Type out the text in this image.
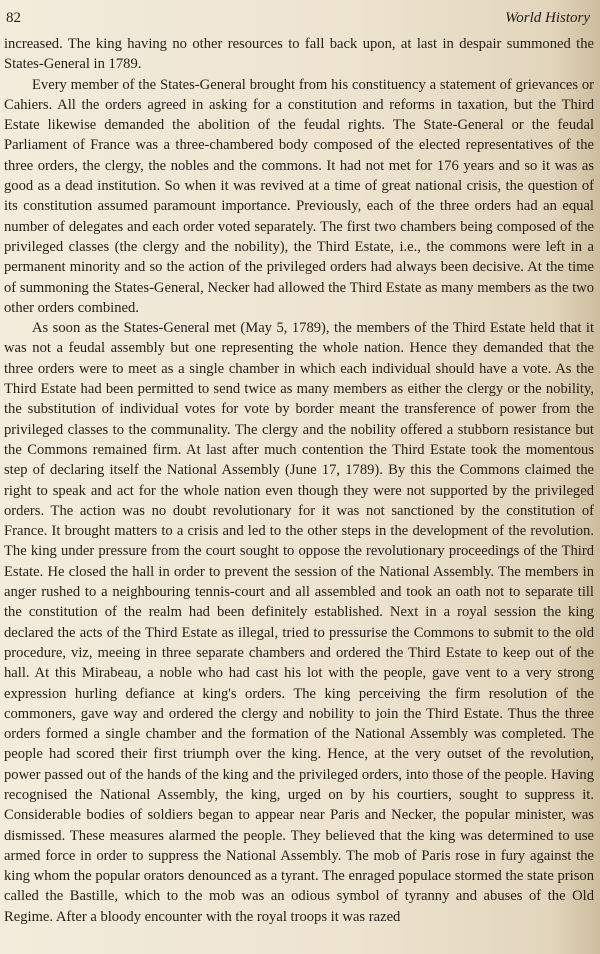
82	World History

increased. The king having no other resources to fall back upon, at last in despair summoned the States-General in 1789.

Every member of the States-General brought from his constituency a statement of grievances or Cahiers. All the orders agreed in asking for a constitution and reforms in taxation, but the Third Estate likewise demanded the abolition of the feudal rights. The State-General or the feudal Parliament of France was a three-chambered body composed of the elected representatives of the three orders, the clergy, the nobles and the commons. It had not met for 176 years and so it was as good as a dead institution. So when it was revived at a time of great national crisis, the question of its constitution assumed paramount importance. Previously, each of the three orders had an equal number of delegates and each order voted separately. The first two chambers being composed of the privileged classes (the clergy and the nobility), the Third Estate, i.e., the commons were left in a permanent minority and so the action of the privileged orders had always been decisive. At the time of summoning the States-General, Necker had allowed the Third Estate as many members as the two other orders combined.

As soon as the States-General met (May 5, 1789), the members of the Third Estate held that it was not a feudal assembly but one representing the whole nation. Hence they demanded that the three orders were to meet as a single chamber in which each individual should have a vote. As the Third Estate had been permitted to send twice as many members as either the clergy or the nobility, the substitution of individual votes for vote by border meant the transference of power from the privileged classes to the communality. The clergy and the nobility offered a stubborn resistance but the Commons remained firm. At last after much contention the Third Estate took the momentous step of declaring itself the National Assembly (June 17, 1789). By this the Commons claimed the right to speak and act for the whole nation even though they were not supported by the privileged orders. The action was no doubt revolutionary for it was not sanctioned by the constitution of France. It brought matters to a crisis and led to the other steps in the development of the revolution. The king under pressure from the court sought to oppose the revolutionary proceedings of the Third Estate. He closed the hall in order to prevent the session of the National Assembly. The members in anger rushed to a neighbouring tennis-court and all assembled and took an oath not to separate till the constitution of the realm had been definitely established. Next in a royal session the king declared the acts of the Third Estate as illegal, tried to pressurise the Commons to submit to the old procedure, viz, meeing in three separate chambers and ordered the Third Estate to keep out of the hall. At this Mirabeau, a noble who had cast his lot with the people, gave vent to a very strong expression hurling defiance at king's orders. The king perceiving the firm resolution of the commoners, gave way and ordered the clergy and nobility to join the Third Estate. Thus the three orders formed a single chamber and the formation of the National Assembly was completed. The people had scored their first triumph over the king. Hence, at the very outset of the revolution, power passed out of the hands of the king and the privileged orders, into those of the people. Having recognised the National Assembly, the king, urged on by his courtiers, sought to suppress it. Considerable bodies of soldiers began to appear near Paris and Necker, the popular minister, was dismissed. These measures alarmed the people. They believed that the king was determined to use armed force in order to suppress the National Assembly. The mob of Paris rose in fury against the king whom the popular orators denounced as a tyrant. The enraged populace stormed the state prison called the Bastille, which to the mob was an odious symbol of tyranny and abuses of the Old Regime. After a bloody encounter with the royal troops it was razed
